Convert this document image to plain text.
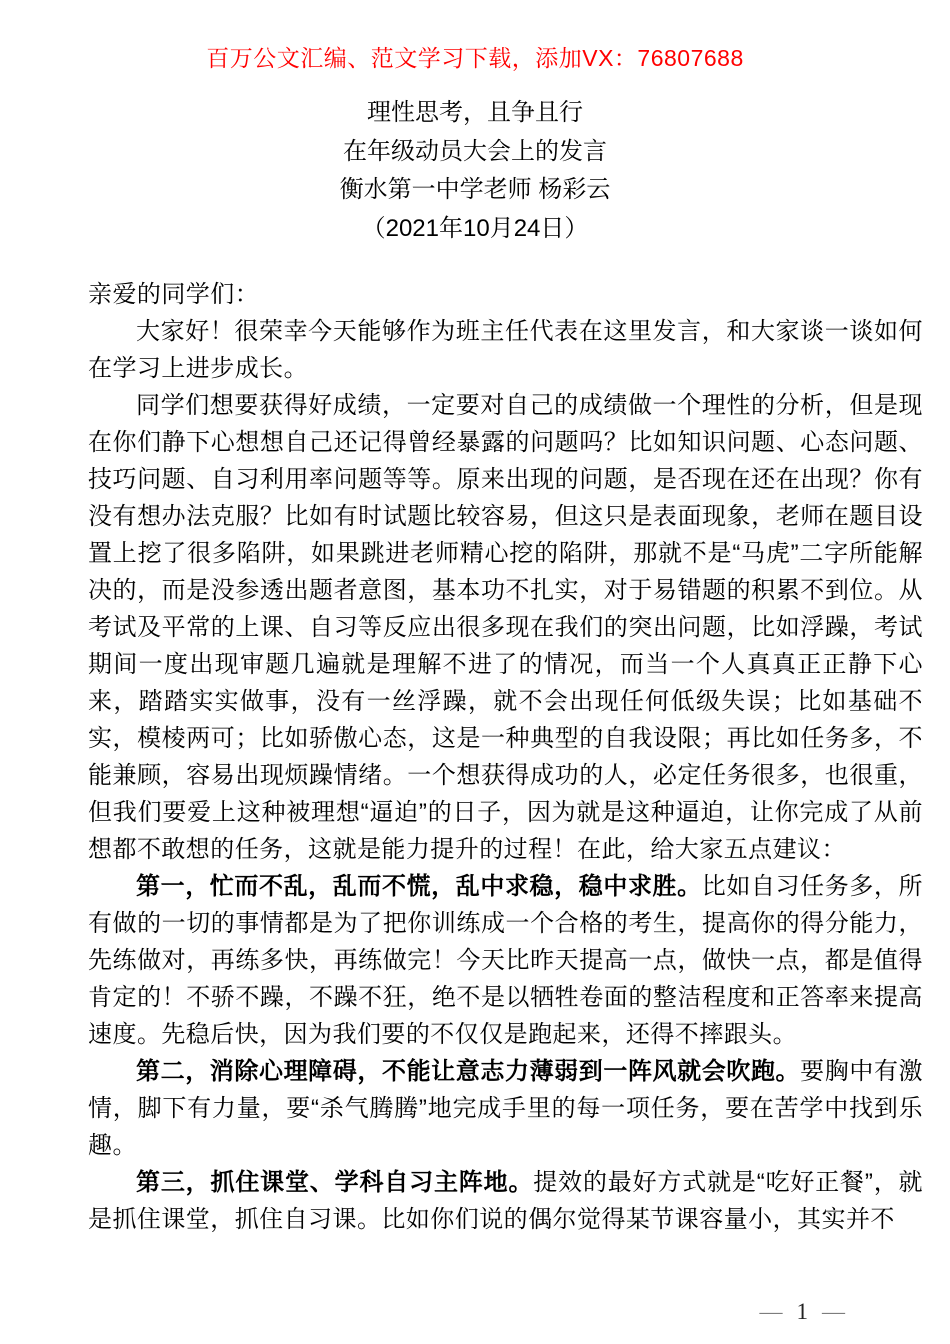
百万公文汇编、范文学习下载，添加VX：76807688
理性思考，且争且行
在年级动员大会上的发言
衡水第一中学老师 杨彩云
（2021年10月24日）

亲爱的同学们：

大家好！很荣幸今天能够作为班主任代表在这里发言，和大家谈一谈如何在学习上进步成长。

同学们想要获得好成绩，一定要对自己的成绩做一个理性的分析，但是现在你们静下心想想自己还记得曾经暴露的问题吗？比如知识问题、心态问题、技巧问题、自习利用率问题等等。原来出现的问题，是否现在还在出现？你有没有想办法克服？比如有时试题比较容易，但这只是表面现象，老师在题目设置上挖了很多陷阱，如果跳进老师精心挖的陷阱，那就不是“马虎”二字所能解决的，而是没参透出题者意图，基本功不扎实，对于易错题的积累不到位。从考试及平常的上课、自习等反应出很多现在我们的突出问题，比如浮躁，考试期间一度出现审题几遍就是理解不进了的情况，而当一个人真真正正静下心来，踏踏实实做事，没有一丝浮躁，就不会出现任何低级失误；比如基础不实，模棱两可；比如骄傲心态，这是一种典型的自我设限；再比如任务多，不能兼顾，容易出现烦躁情绪。一个想获得成功的人，必定任务很多，也很重，但我们要爱上这种被理想“逼迫”的日子，因为就是这种逼迫，让你完成了从前想都不敢想的任务，这就是能力提升的过程！在此，给大家五点建议：

第一，忙而不乱，乱而不慌，乱中求稳，稳中求胜。比如自习任务多，所有做的一切的事情都是为了把你训练成一个合格的考生，提高你的得分能力，先练做对，再练多快，再练做完！今天比昨天提高一点，做快一点，都是值得肯定的！不骄不躁，不躁不狂，绝不是以牺牲卷面的整洁程度和正答率来提高速度。先稳后快，因为我们要的不仅仅是跑起来，还得不摔跟头。

第二，消除心理障碍，不能让意志力薄弱到一阵风就会吹跑。要胸中有激情，脚下有力量，要“杀气腾腾”地完成手里的每一项任务，要在苦学中找到乐趣。

第三，抓住课堂、学科自习主阵地。提效的最好方式就是“吃好正餐”，就是抓住课堂，抓住自习课。比如你们说的偶尔觉得某节课容量小，其实并不

— 1 —
